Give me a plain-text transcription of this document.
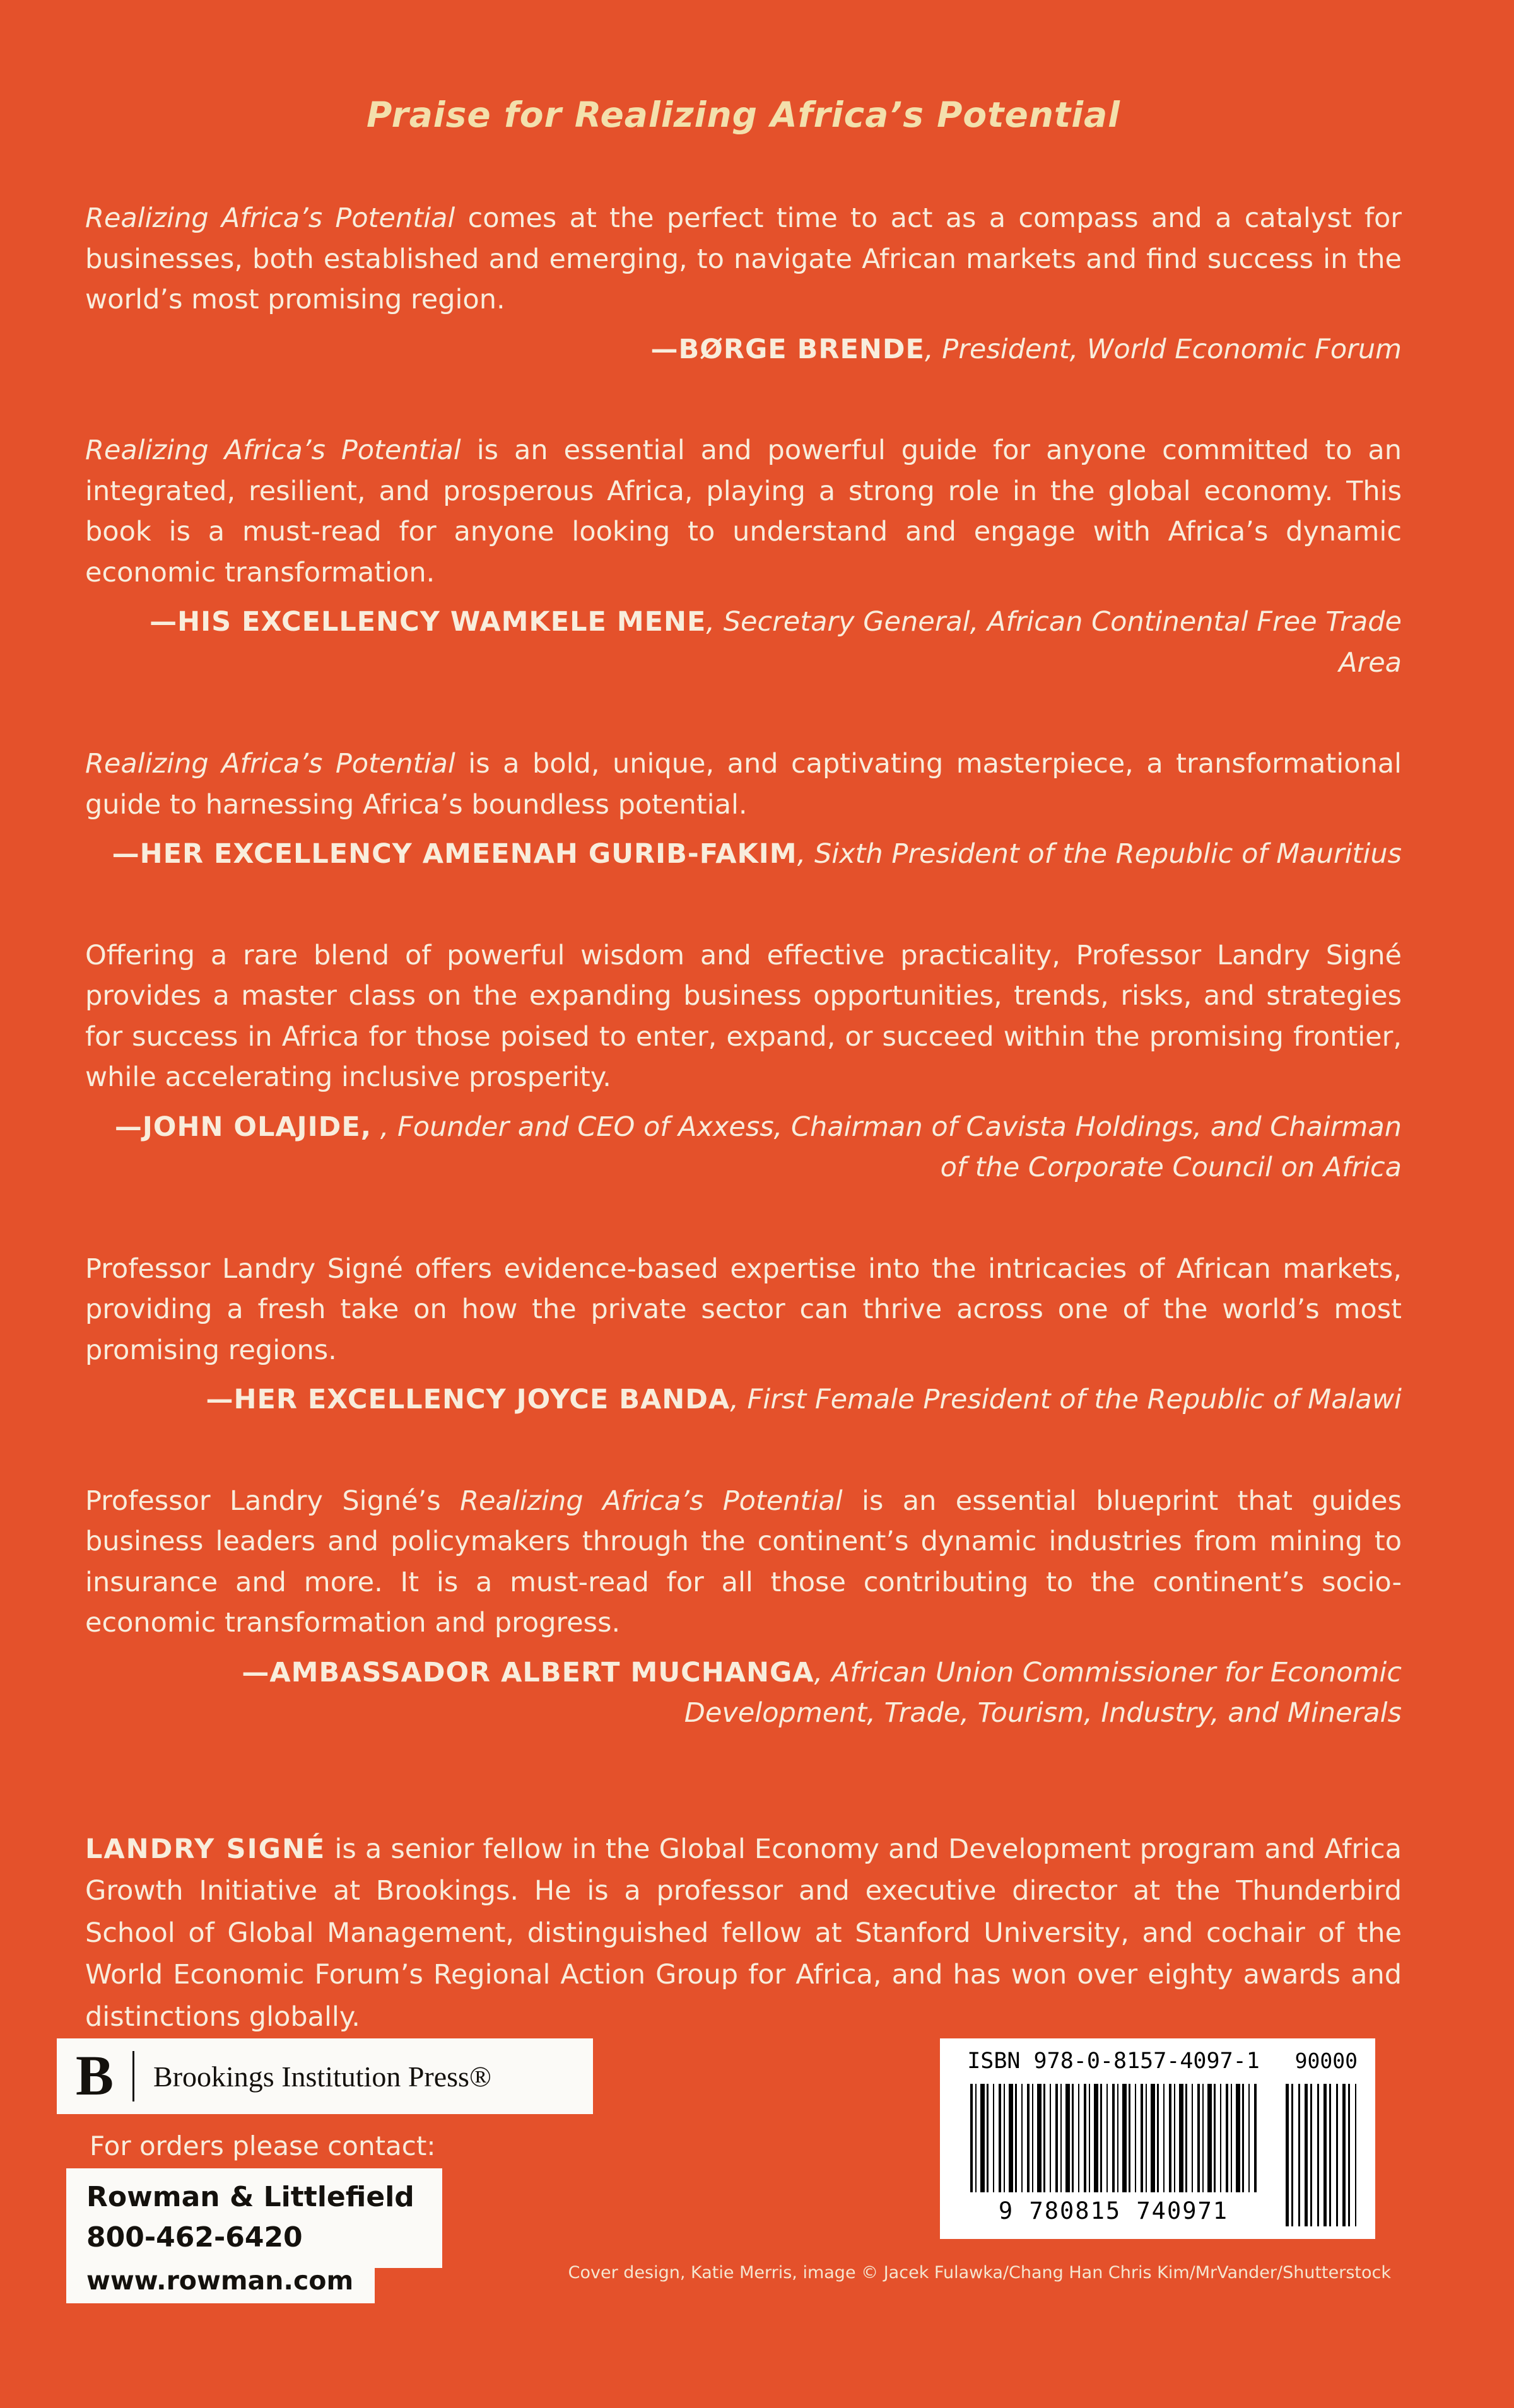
Praise for Realizing Africa’s Potential

Realizing Africa’s Potential comes at the perfect time to act as a compass and a catalyst for businesses, both established and emerging, to navigate African markets and find success in the world’s most promising region.

—BØRGE BRENDE, President, World Economic Forum

Realizing Africa’s Potential is an essential and powerful guide for anyone committed to an integrated, resilient, and prosperous Africa, playing a strong role in the global economy. This book is a must-read for anyone looking to understand and engage with Africa’s dynamic economic transformation.

—HIS EXCELLENCY WAMKELE MENE, Secretary General, African Continental Free Trade Area

Realizing Africa’s Potential is a bold, unique, and captivating masterpiece, a transformational guide to harnessing Africa’s boundless potential.

—HER EXCELLENCY AMEENAH GURIB-FAKIM, Sixth President of the Republic of Mauritius

Offering a rare blend of powerful wisdom and effective practicality, Professor Landry Signé provides a master class on the expanding business opportunities, trends, risks, and strategies for success in Africa for those poised to enter, expand, or succeed within the promising frontier, while accelerating inclusive prosperity.

—JOHN OLAJIDE, , Founder and CEO of Axxess, Chairman of Cavista Holdings, and Chairman of the Corporate Council on Africa

Professor Landry Signé offers evidence-based expertise into the intricacies of African markets, providing a fresh take on how the private sector can thrive across one of the world’s most promising regions.

—HER EXCELLENCY JOYCE BANDA, First Female President of the Republic of Malawi

Professor Landry Signé’s Realizing Africa’s Potential is an essential blueprint that guides business leaders and policymakers through the continent’s dynamic industries from mining to insurance and more. It is a must-read for all those contributing to the continent’s socio-economic transformation and progress.

—AMBASSADOR ALBERT MUCHANGA, African Union Commissioner for Economic Development, Trade, Tourism, Industry, and Minerals

LANDRY SIGNÉ is a senior fellow in the Global Economy and Development program and Africa Growth Initiative at Brookings. He is a professor and executive director at the Thunderbird School of Global Management, distinguished fellow at Stanford University, and cochair of the World Economic Forum’s Regional Action Group for Africa, and has won over eighty awards and distinctions globally.

B Brookings Institution Press®
For orders please contact:
Rowman & Littlefield
800-462-6420
www.rowman.com
ISBN 978-0-8157-4097-1 90000
9 780815 740971
Cover design, Katie Merris, image © Jacek Fulawka/Chang Han Chris Kim/MrVander/Shutterstock
